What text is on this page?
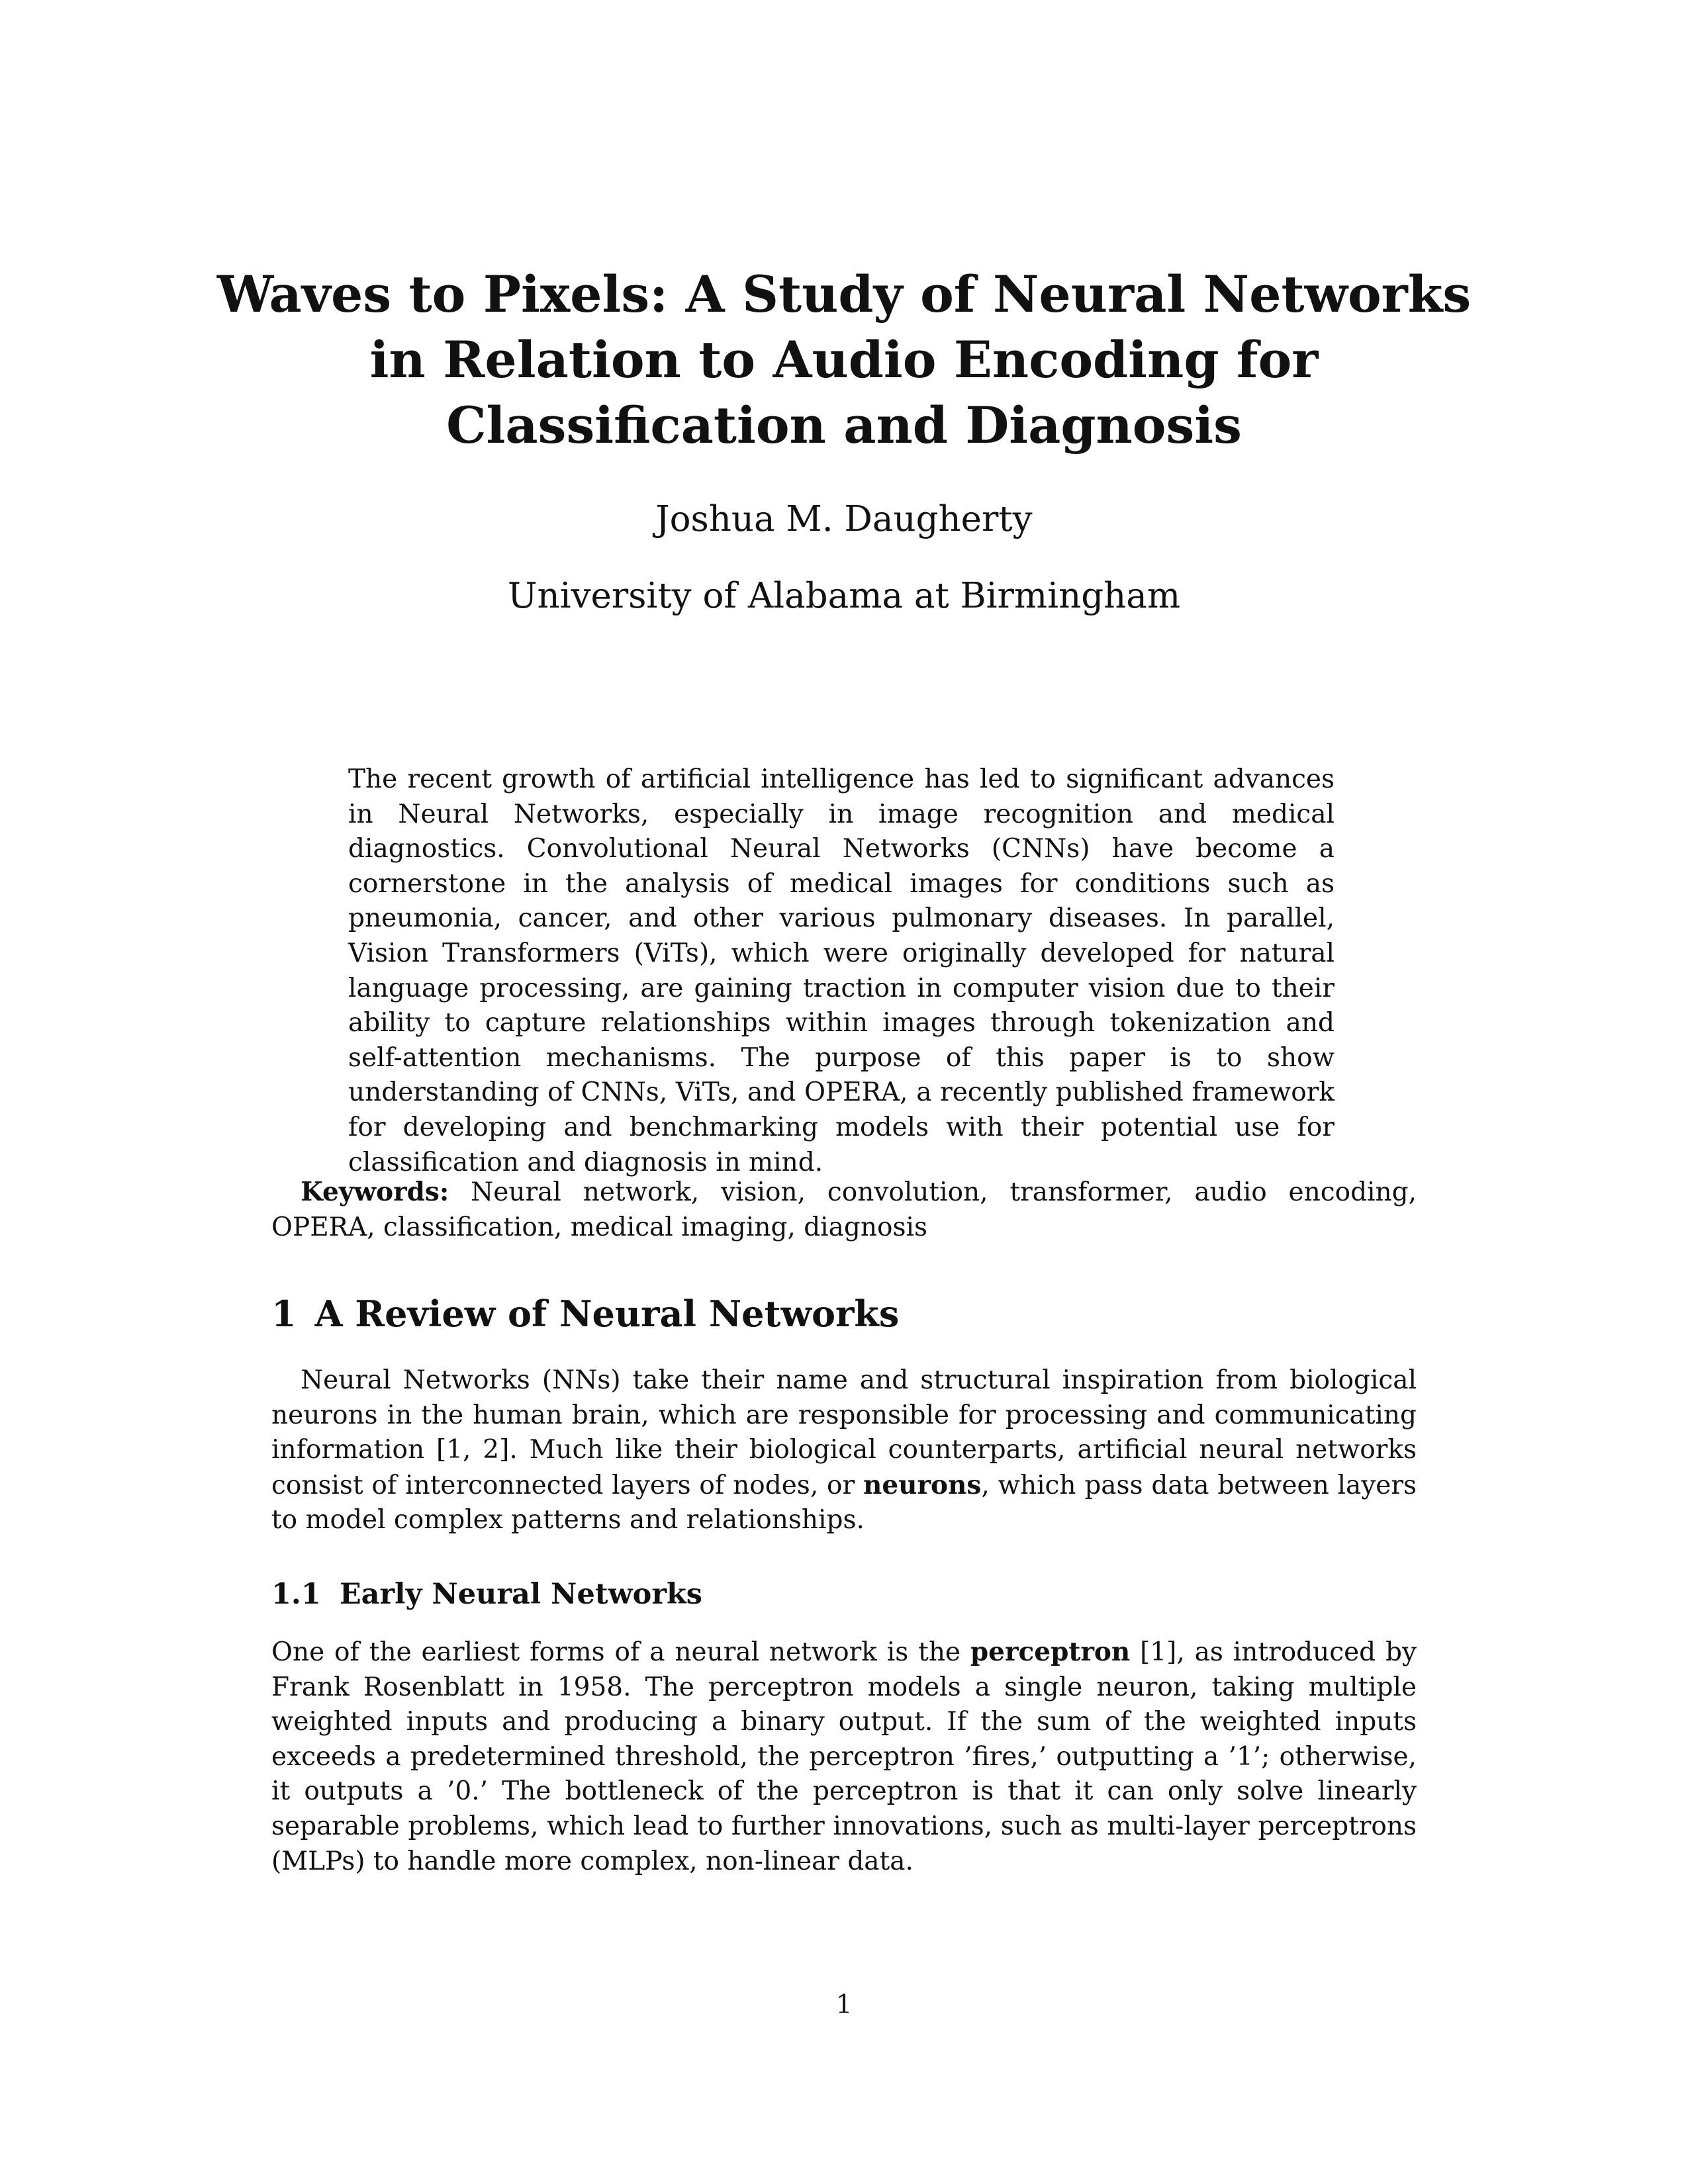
Waves to Pixels: A Study of Neural Networks in Relation to Audio Encoding for Classification and Diagnosis

Joshua M. Daugherty

University of Alabama at Birmingham

The recent growth of artificial intelligence has led to significant advances in Neural Networks, especially in image recognition and medical diagnostics. Convolutional Neural Networks (CNNs) have become a cornerstone in the analysis of medical images for conditions such as pneumonia, cancer, and other various pulmonary diseases. In parallel, Vision Transformers (ViTs), which were originally developed for natural language processing, are gaining traction in computer vision due to their ability to capture relationships within images through tokenization and self-attention mechanisms. The purpose of this paper is to show understanding of CNNs, ViTs, and OPERA, a recently published framework for developing and benchmarking models with their potential use for classification and diagnosis in mind.

Keywords: Neural network, vision, convolution, transformer, audio encoding, OPERA, classification, medical imaging, diagnosis

1 A Review of Neural Networks

Neural Networks (NNs) take their name and structural inspiration from biological neurons in the human brain, which are responsible for processing and communicating information [1, 2]. Much like their biological counterparts, artificial neural networks consist of interconnected layers of nodes, or neurons, which pass data between layers to model complex patterns and relationships.

1.1 Early Neural Networks

One of the earliest forms of a neural network is the perceptron [1], as introduced by Frank Rosenblatt in 1958. The perceptron models a single neuron, taking multiple weighted inputs and producing a binary output. If the sum of the weighted inputs exceeds a predetermined threshold, the perceptron ’fires,’ outputting a ’1’; otherwise, it outputs a ’0.’ The bottleneck of the perceptron is that it can only solve linearly separable problems, which lead to further innovations, such as multi-layer perceptrons (MLPs) to handle more complex, non-linear data.

1
